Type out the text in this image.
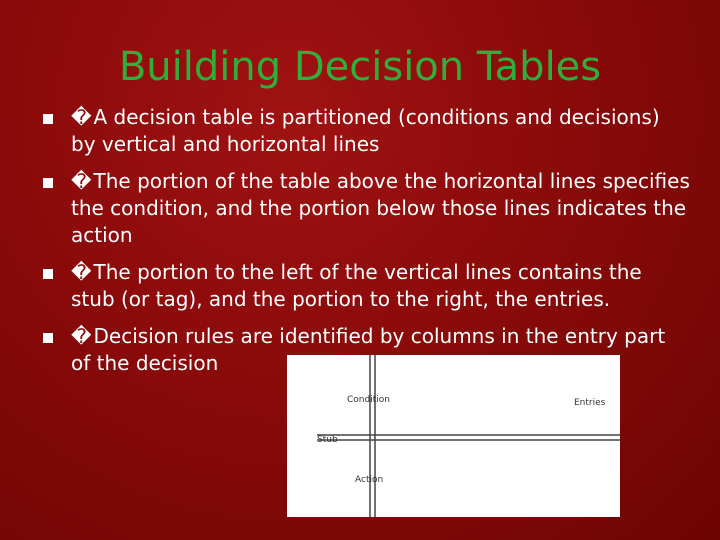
Building Decision Tables
� A decision table is partitioned (conditions and decisions) by vertical and horizontal lines
� The portion of the table above the horizontal lines specifies the condition, and the portion below those lines indicates the action
� The portion to the left of the vertical lines contains the stub (or tag), and the portion to the right, the entries.
� Decision rules are identified by columns in the entry part of the decision
Condition	Entries
Stub
Action
